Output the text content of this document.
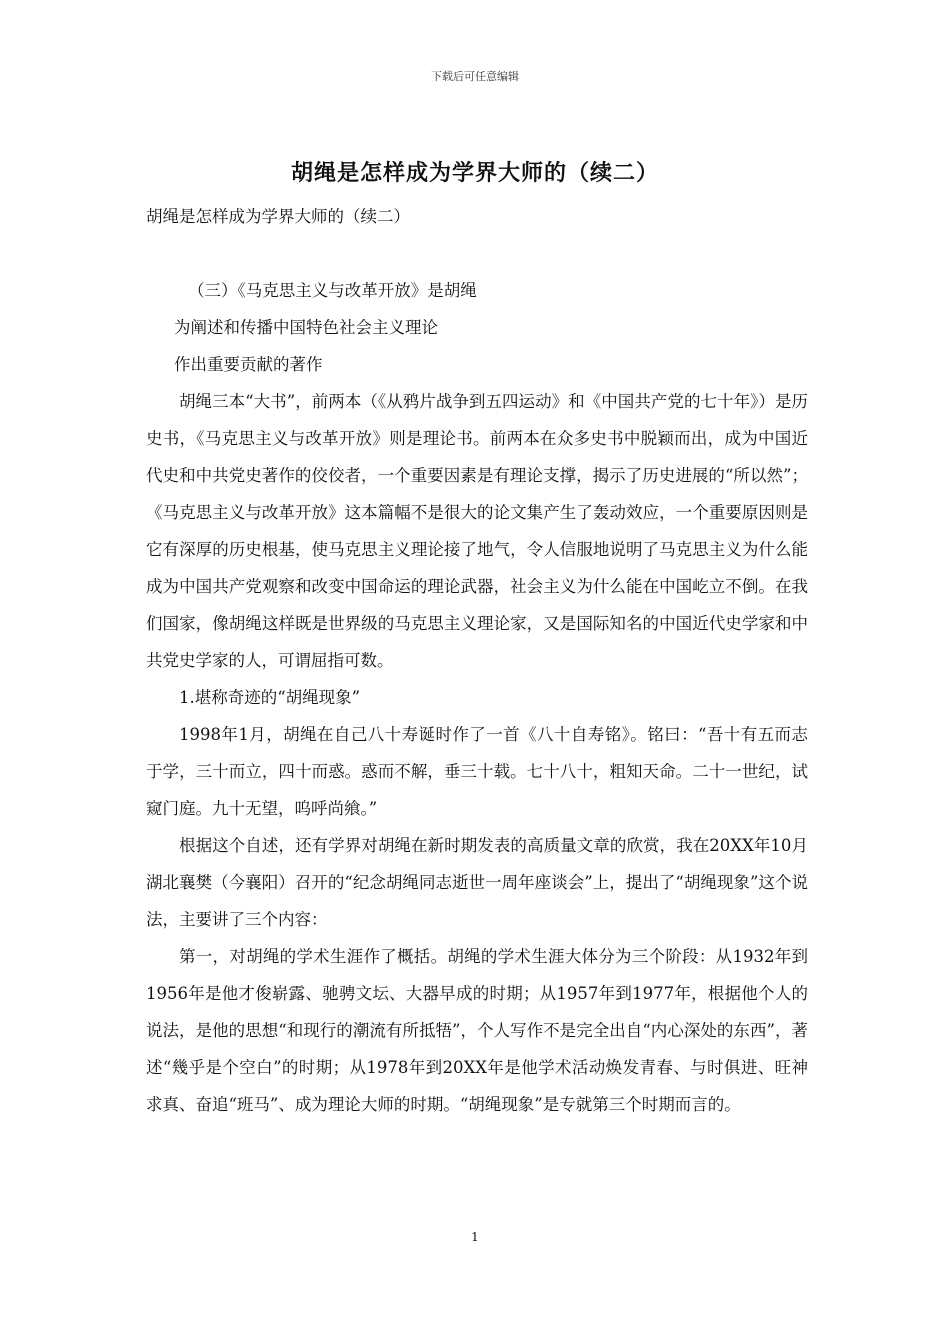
下载后可任意编辑
胡绳是怎样成为学界大师的（续二）

胡绳是怎样成为学界大师的（续二）

（三）《马克思主义与改革开放》是胡绳

为阐述和传播中国特色社会主义理论

作出重要贡献的著作

胡绳三本“大书”，前两本（《从鸦片战争到五四运动》和《中国共产党的七十年》）是历史书，《马克思主义与改革开放》则是理论书。前两本在众多史书中脱颖而出，成为中国近代史和中共党史著作的佼佼者，一个重要因素是有理论支撑，揭示了历史进展的“所以然”；《马克思主义与改革开放》这本篇幅不是很大的论文集产生了轰动效应，一个重要原因则是它有深厚的历史根基，使马克思主义理论接了地气，令人信服地说明了马克思主义为什么能成为中国共产党观察和改变中国命运的理论武器，社会主义为什么能在中国屹立不倒。在我们国家，像胡绳这样既是世界级的马克思主义理论家，又是国际知名的中国近代史学家和中共党史学家的人，可谓屈指可数。

1.堪称奇迹的“胡绳现象”

1998年1月，胡绳在自己八十寿诞时作了一首《八十自寿铭》。铭曰：“吾十有五而志于学，三十而立，四十而惑。惑而不解，垂三十载。七十八十，粗知天命。二十一世纪，试窥门庭。九十无望，呜呼尚飨。”

根据这个自述，还有学界对胡绳在新时期发表的高质量文章的欣赏，我在20XX年10月湖北襄樊（今襄阳）召开的“纪念胡绳同志逝世一周年座谈会”上，提出了“胡绳现象”这个说法，主要讲了三个内容：

第一，对胡绳的学术生涯作了概括。胡绳的学术生涯大体分为三个阶段：从1932年到1956年是他才俊崭露、驰骋文坛、大器早成的时期；从1957年到1977年，根据他个人的说法，是他的思想“和现行的潮流有所抵牾”，个人写作不是完全出自“内心深处的东西”，著述“幾乎是个空白”的时期；从1978年到20XX年是他学术活动焕发青春、与时俱进、旺神求真、奋追“班马”、成为理论大师的时期。“胡绳现象”是专就第三个时期而言的。

1
